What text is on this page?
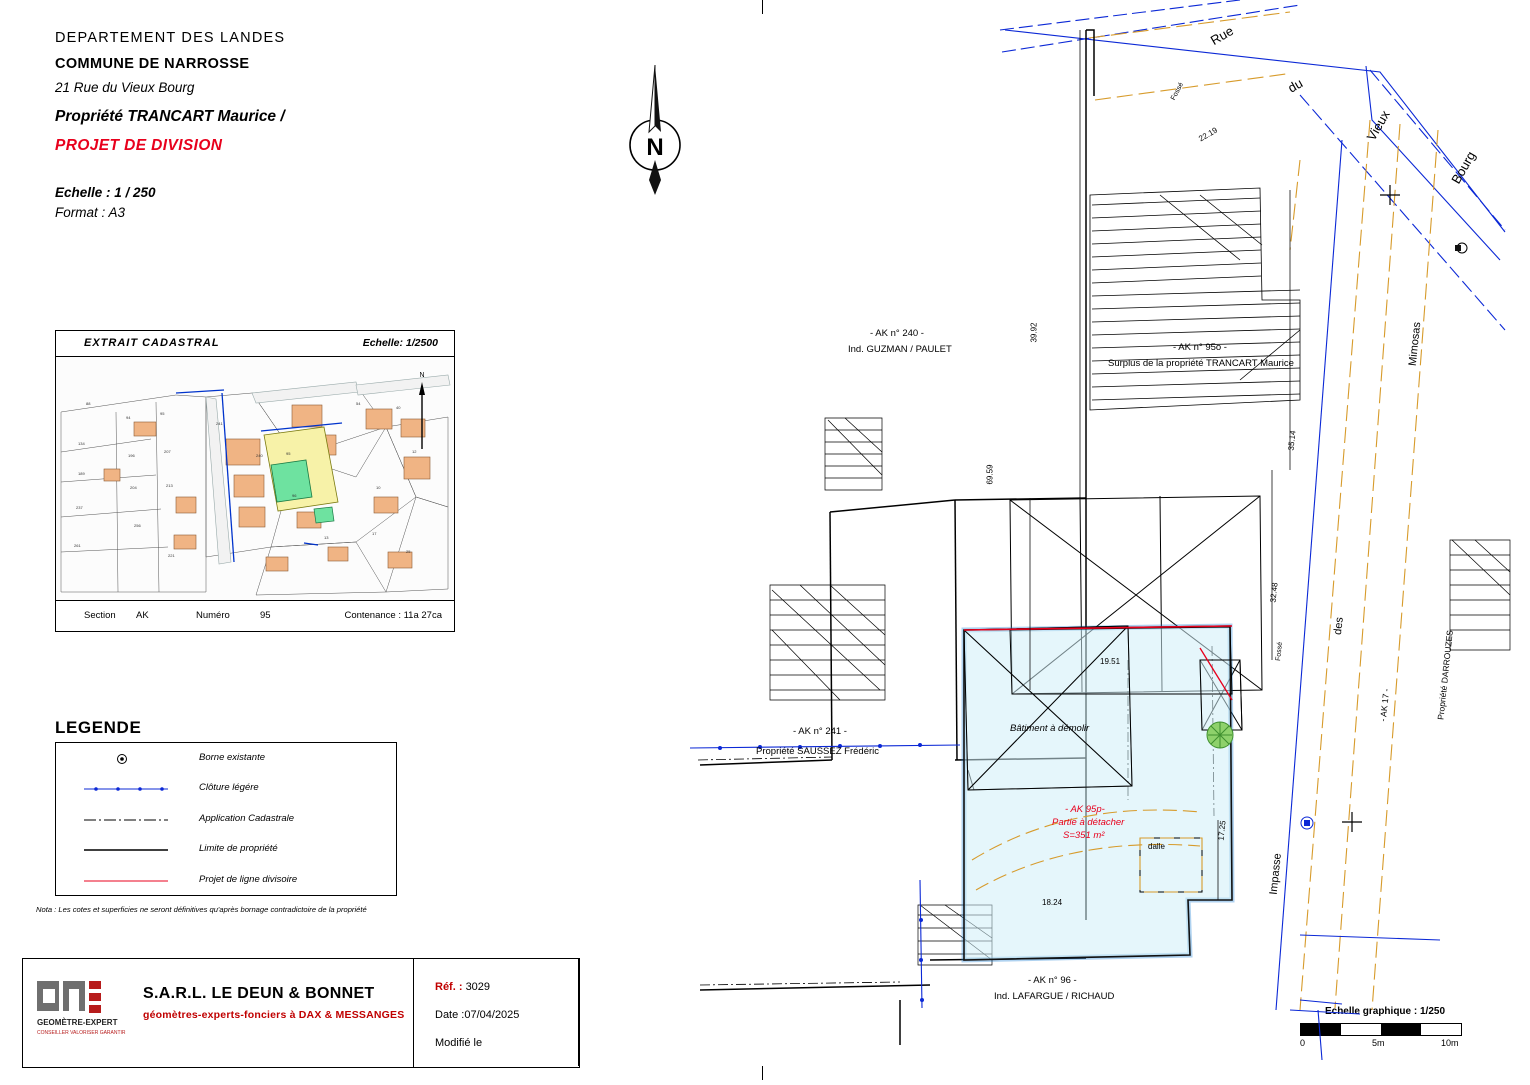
DEPARTEMENT DES LANDES
COMMUNE DE NARROSSE
21 Rue du Vieux Bourg
Propriété TRANCART Maurice /
PROJET DE DIVISION
Echelle : 1 / 250
Format : A3
N
EXTRAIT CADASTRAL	Echelle: 1/2500
88
134
189
237
261
94
196
204
256
95
207
213
221
241
240	95
96
54
40
12
10
13
17
25
N
Section AK	Numéro	95	Contenance : 11a 27ca
LEGENDE
Borne existante
Clôture légére
Application Cadastrale
Limite de propriété
Projet de ligne divisoire
Nota : Les cotes et superficies ne seront définitives qu'après bornage contradictoire de la propriété
GEOMÈTRE-EXPERT
CONSEILLER VALORISER GARANTIR
S.A.R.L. LE DEUN & BONNET
géomètres-experts-fonciers à DAX & MESSANGES
Réf. : 3029
Date :07/04/2025
Modifié le
Echelle graphique : 1/250
0	5m	10m
- AK n° 240 -
Ind. GUZMAN / PAULET	- AK n° 95o -
Surplus de la propriété TRANCART Maurice
- AK n° 241 -
Propriété SAUSSEZ Frédéric
- AK n° 96 -
Ind. LAFARGUE / RICHAUD
- AK 95p-
Partie à détacher
S=351 m²
Bâtiment à démolir
dalle
Rue
du
Vieux
Bourg
Impasse
des
Mimosas
- AK 17 -	Propriété DARROUZES
Fossé
Fossé
22.19
39.92
69.59
35.14
32.48
19.51
17.25
18.24
